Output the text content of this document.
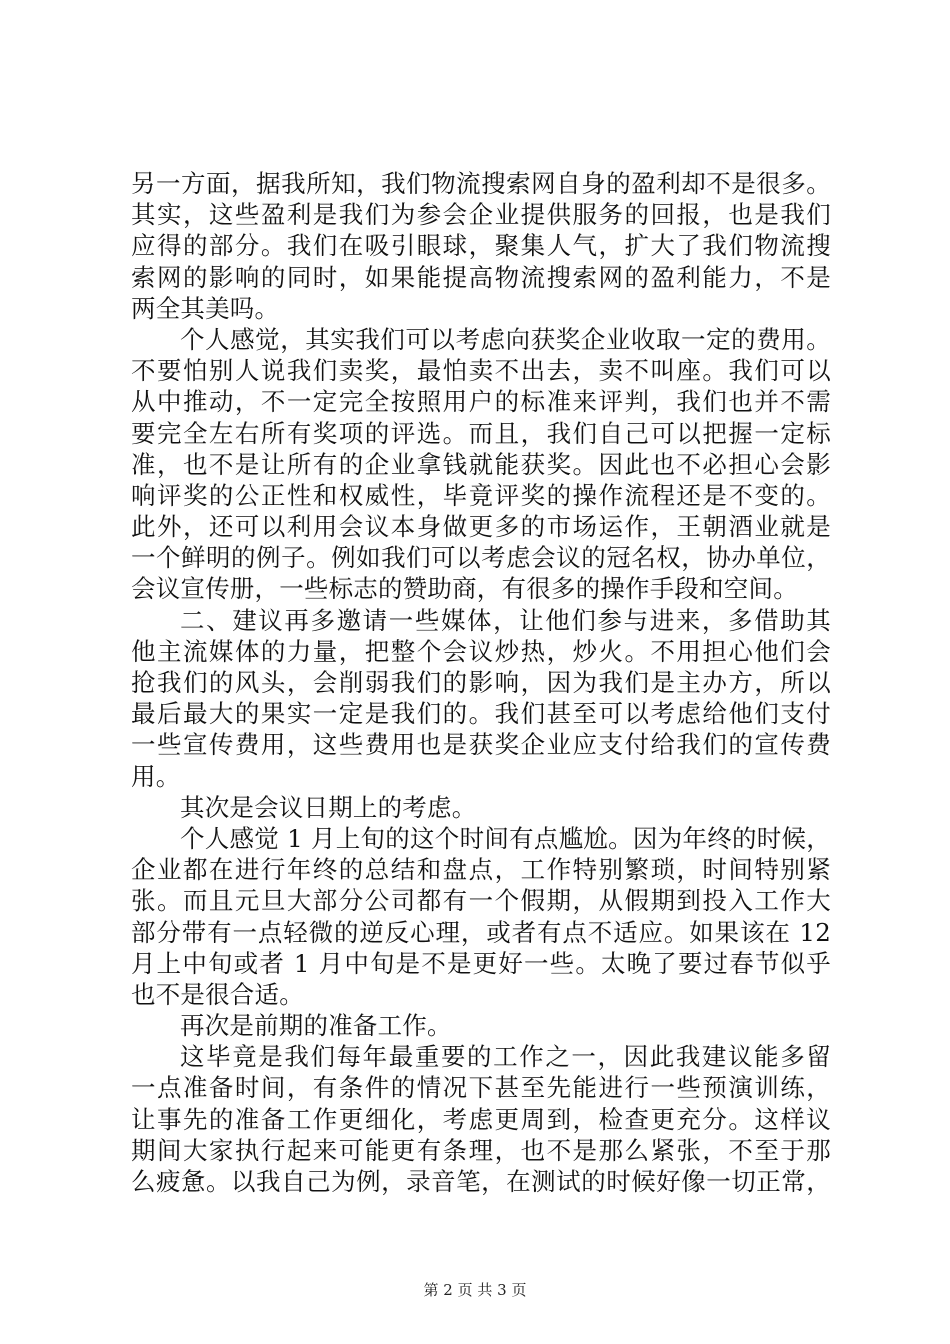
另一方面，据我所知，我们物流搜索网自身的盈利却不是很多。
其实，这些盈利是我们为参会企业提供服务的回报，也是我们
应得的部分。我们在吸引眼球，聚集人气，扩大了我们物流搜
索网的影响的同时，如果能提高物流搜索网的盈利能力，不是
两全其美吗。
个人感觉，其实我们可以考虑向获奖企业收取一定的费用。
不要怕别人说我们卖奖，最怕卖不出去，卖不叫座。我们可以
从中推动，不一定完全按照用户的标准来评判，我们也并不需
要完全左右所有奖项的评选。而且，我们自己可以把握一定标
准，也不是让所有的企业拿钱就能获奖。因此也不必担心会影
响评奖的公正性和权威性，毕竟评奖的操作流程还是不变的。
此外，还可以利用会议本身做更多的市场运作，王朝酒业就是
一个鲜明的例子。例如我们可以考虑会议的冠名权，协办单位，
会议宣传册，一些标志的赞助商，有很多的操作手段和空间。
二、建议再多邀请一些媒体，让他们参与进来，多借助其
他主流媒体的力量，把整个会议炒热，炒火。不用担心他们会
抢我们的风头，会削弱我们的影响，因为我们是主办方，所以
最后最大的果实一定是我们的。我们甚至可以考虑给他们支付
一些宣传费用，这些费用也是获奖企业应支付给我们的宣传费
用。
其次是会议日期上的考虑。
个人感觉 1 月上旬的这个时间有点尴尬。因为年终的时候，
企业都在进行年终的总结和盘点，工作特别繁琐，时间特别紧
张。而且元旦大部分公司都有一个假期，从假期到投入工作大
部分带有一点轻微的逆反心理，或者有点不适应。如果该在 12
月上中旬或者 1 月中旬是不是更好一些。太晚了要过春节似乎
也不是很合适。
再次是前期的准备工作。
这毕竟是我们每年最重要的工作之一，因此我建议能多留
一点准备时间，有条件的情况下甚至先能进行一些预演训练，
让事先的准备工作更细化，考虑更周到，检查更充分。这样议
期间大家执行起来可能更有条理，也不是那么紧张，不至于那
么疲惫。以我自己为例，录音笔，在测试的时候好像一切正常，
第 2 页 共 3 页
